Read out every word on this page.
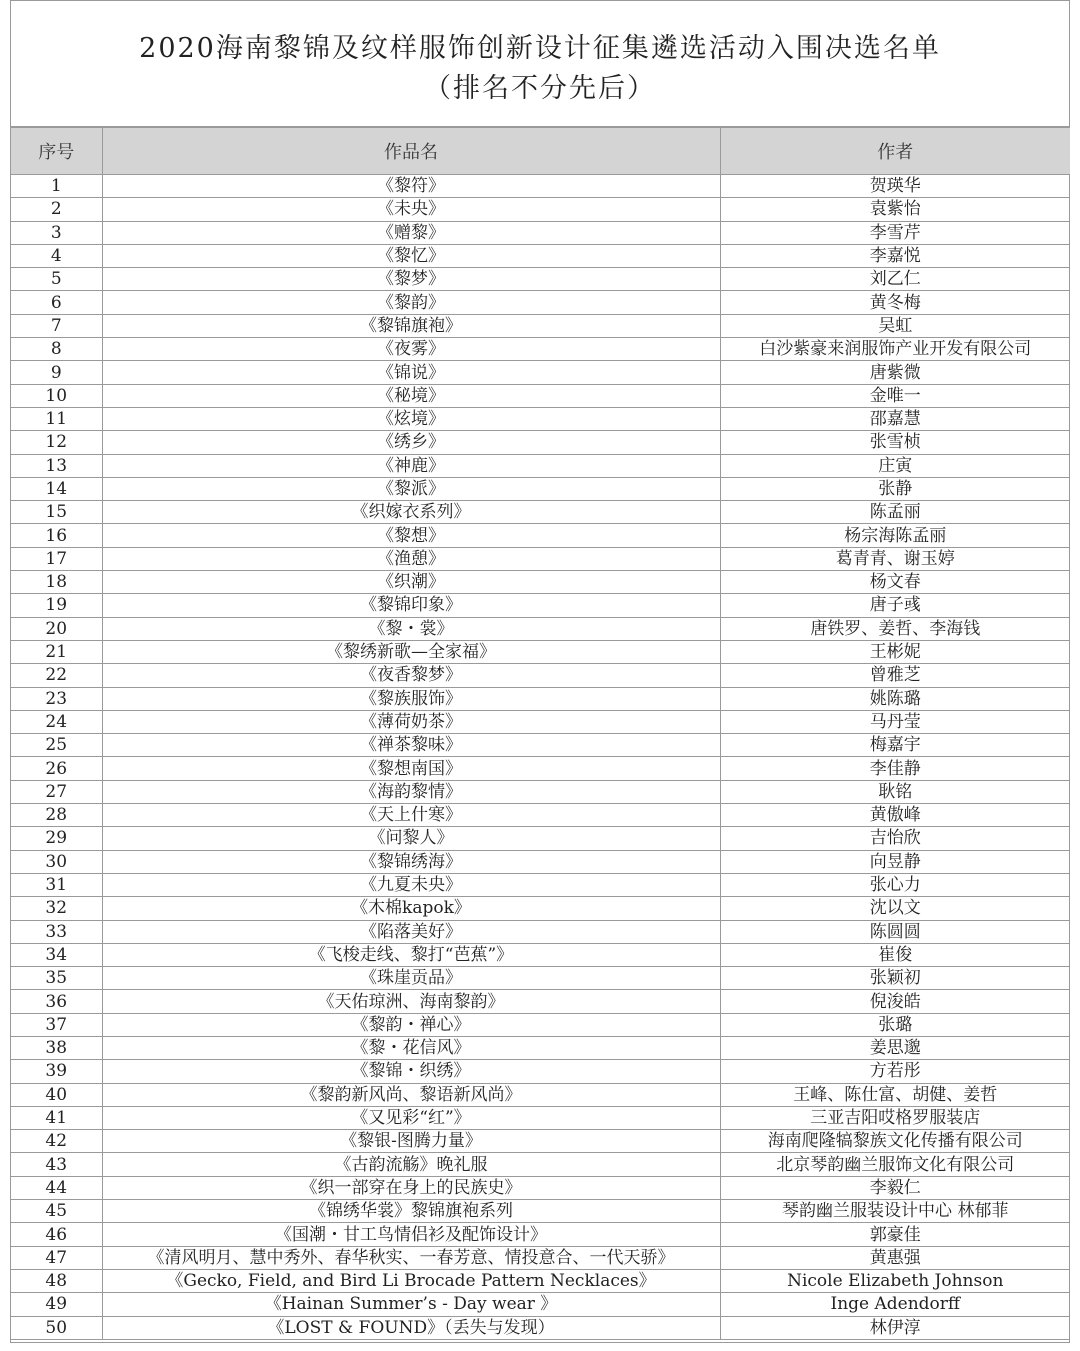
2020海南黎锦及纹样服饰创新设计征集遴选活动入围决选名单
（排名不分先后）
序号	作品名	作者
1	《黎符》	贺瑛华
2	《未央》	袁紫怡
3	《赠黎》	李雪芹
4	《黎忆》	李嘉悦
5	《黎梦》	刘乙仁
6	《黎韵》	黄冬梅
7	《黎锦旗袍》	吴虹
8	《夜雾》	白沙紫豪来润服饰产业开发有限公司
9	《锦说》	唐紫微
10	《秘境》	金唯一
11	《炫境》	邵嘉慧
12	《绣乡》	张雪桢
13	《神鹿》	庄寅
14	《黎派》	张静
15	《织嫁衣系列》	陈孟丽
16	《黎想》	杨宗海陈孟丽
17	《渔憩》	葛青青、谢玉婷
18	《织潮》	杨文春
19	《黎锦印象》	唐子彧
20	《黎・裳》	唐铁罗、姜哲、李海钱
21	《黎绣新歌—全家福》	王彬妮
22	《夜香黎梦》	曾雅芝
23	《黎族服饰》	姚陈璐
24	《薄荷奶茶》	马丹莹
25	《禅茶黎味》	梅嘉宇
26	《黎想南国》	李佳静
27	《海韵黎情》	耿铭
28	《天上什寒》	黄傲峰
29	《问黎人》	吉怡欣
30	《黎锦绣海》	向昱静
31	《九夏未央》	张心力
32	《木棉kapok》	沈以文
33	《陷落美好》	陈圆圆
34	《飞梭走线、黎打“芭蕉”》	崔俊
35	《珠崖贡品》	张颖初
36	《天佑琼洲、海南黎韵》	倪浚皓
37	《黎韵・禅心》	张璐
38	《黎・花信风》	姜思邈
39	《黎锦・织绣》	方若彤
40	《黎韵新风尚、黎语新风尚》	王峰、陈仕富、胡健、姜哲
41	《又见彩“红”》	三亚吉阳哎格罗服装店
42	《黎银-图腾力量》	海南爬隆犒黎族文化传播有限公司
43	《古韵流觞》晚礼服	北京琴韵幽兰服饰文化有限公司
44	《织一部穿在身上的民族史》	李毅仁
45	《锦绣华裳》黎锦旗袍系列	琴韵幽兰服装设计中心 林郁菲
46	《国潮・甘工鸟情侣衫及配饰设计》	郭豪佳
47	《清风明月、慧中秀外、春华秋实、一春芳意、情投意合、一代天骄》	黄惠强
48	《Gecko, Field, and Bird Li Brocade Pattern Necklaces》	Nicole Elizabeth Johnson
49	《Hainan Summer’s - Day wear 》	Inge Adendorff
50	《LOST & FOUND》（丢失与发现）	林伊淳
